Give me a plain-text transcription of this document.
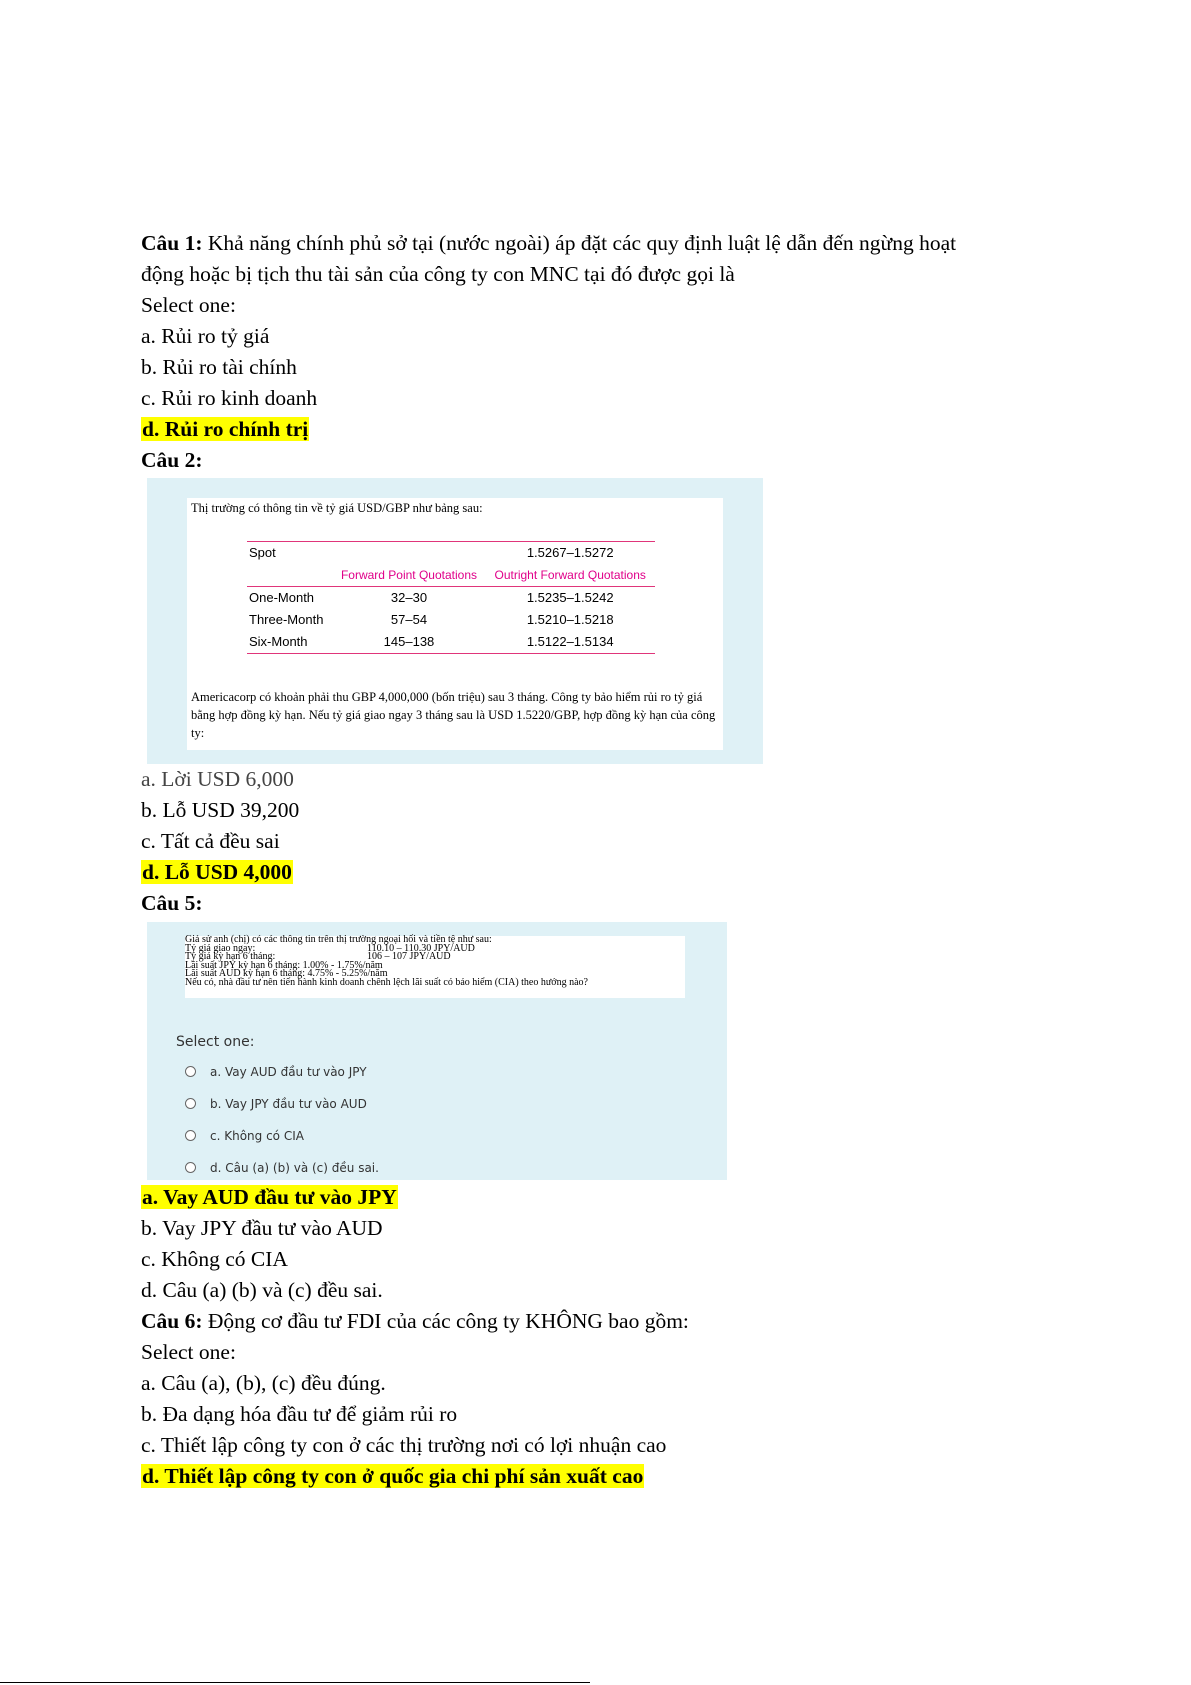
Câu 1: Khả năng chính phủ sở tại (nước ngoài) áp đặt các quy định luật lệ dẫn đến ngừng hoạt
động hoặc bị tịch thu tài sản của công ty con MNC tại đó được gọi là
Select one:
a. Rủi ro tỷ giá
b. Rủi ro tài chính
c. Rủi ro kinh doanh
d. Rủi ro chính trị
Câu 2:
Thị trường có thông tin về tỷ giá USD/GBP như bảng sau:
Spot		1.5267–1.5272
	Forward Point Quotations	Outright Forward Quotations
One-Month	32–30	1.5235–1.5242
Three-Month	57–54	1.5210–1.5218
Six-Month	145–138	1.5122–1.5134
Americacorp có khoản phải thu GBP 4,000,000 (bốn triệu) sau 3 tháng. Công ty bảo hiểm rủi ro tỷ giá bằng hợp đồng kỳ hạn. Nếu tỷ giá giao ngay 3 tháng sau là USD 1.5220/GBP, hợp đồng kỳ hạn của công ty:
a. Lời USD 6,000
b. Lỗ USD 39,200
c. Tất cả đều sai
d. Lỗ USD 4,000
Câu 5:
Giả sử anh (chị) có các thông tin trên thị trường ngoại hối và tiền tệ như sau:
Tỷ giá giao ngay:	110.10 – 110.30 JPY/AUD
Tỷ giá kỳ hạn 6 tháng:	106 – 107 JPY/AUD
Lãi suất JPY kỳ hạn 6 tháng: 1.00% - 1.75%/năm
Lãi suất AUD kỳ hạn 6 tháng: 4.75% - 5.25%/năm
Nếu có, nhà đầu tư nên tiến hành kinh doanh chênh lệch lãi suất có bảo hiểm (CIA) theo hướng nào?
Select one:
a. Vay AUD đầu tư vào JPY
b. Vay JPY đầu tư vào AUD
c. Không có CIA
d. Câu (a) (b) và (c) đều sai.
a. Vay AUD đầu tư vào JPY
b. Vay JPY đầu tư vào AUD
c. Không có CIA
d. Câu (a) (b) và (c) đều sai.
Câu 6: Động cơ đầu tư FDI của các công ty KHÔNG bao gồm:
Select one:
a. Câu (a), (b), (c) đều đúng.
b. Đa dạng hóa đầu tư để giảm rủi ro
c. Thiết lập công ty con ở các thị trường nơi có lợi nhuận cao
d. Thiết lập công ty con ở quốc gia chi phí sản xuất cao
